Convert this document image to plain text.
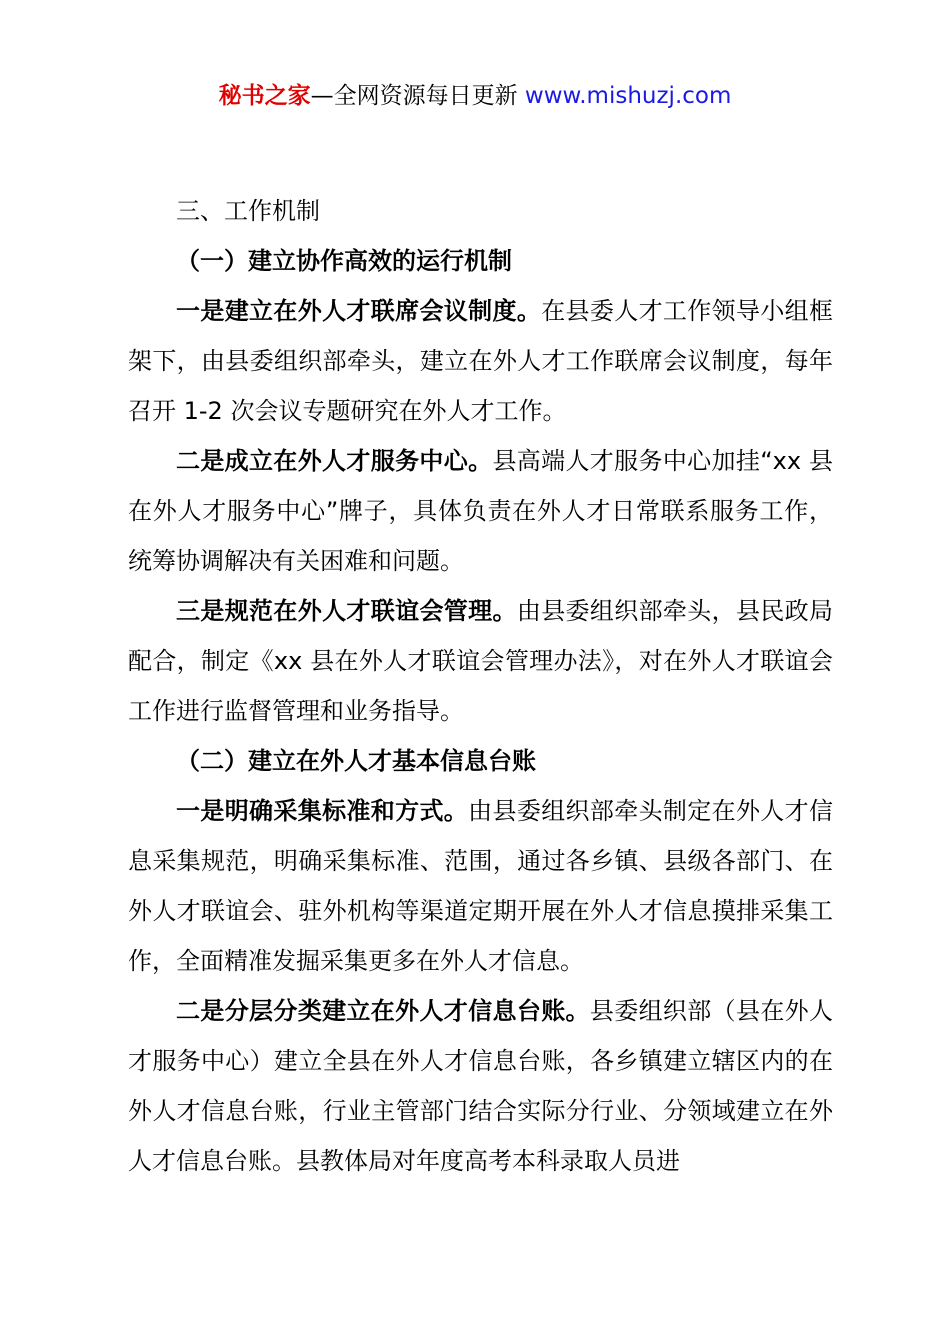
秘书之家—全网资源每日更新 www.mishuzj.com

三、工作机制

（一）建立协作高效的运行机制

一是建立在外人才联席会议制度。在县委人才工作领导小组框架下，由县委组织部牵头，建立在外人才工作联席会议制度，每年召开 1-2 次会议专题研究在外人才工作。

二是成立在外人才服务中心。县高端人才服务中心加挂“xx 县在外人才服务中心”牌子，具体负责在外人才日常联系服务工作，统筹协调解决有关困难和问题。

三是规范在外人才联谊会管理。由县委组织部牵头，县民政局配合，制定《xx 县在外人才联谊会管理办法》，对在外人才联谊会工作进行监督管理和业务指导。

（二）建立在外人才基本信息台账

一是明确采集标准和方式。由县委组织部牵头制定在外人才信息采集规范，明确采集标准、范围，通过各乡镇、县级各部门、在外人才联谊会、驻外机构等渠道定期开展在外人才信息摸排采集工作，全面精准发掘采集更多在外人才信息。

二是分层分类建立在外人才信息台账。县委组织部（县在外人才服务中心）建立全县在外人才信息台账，各乡镇建立辖区内的在外人才信息台账，行业主管部门结合实际分行业、分领域建立在外人才信息台账。县教体局对年度高考本科录取人员进
